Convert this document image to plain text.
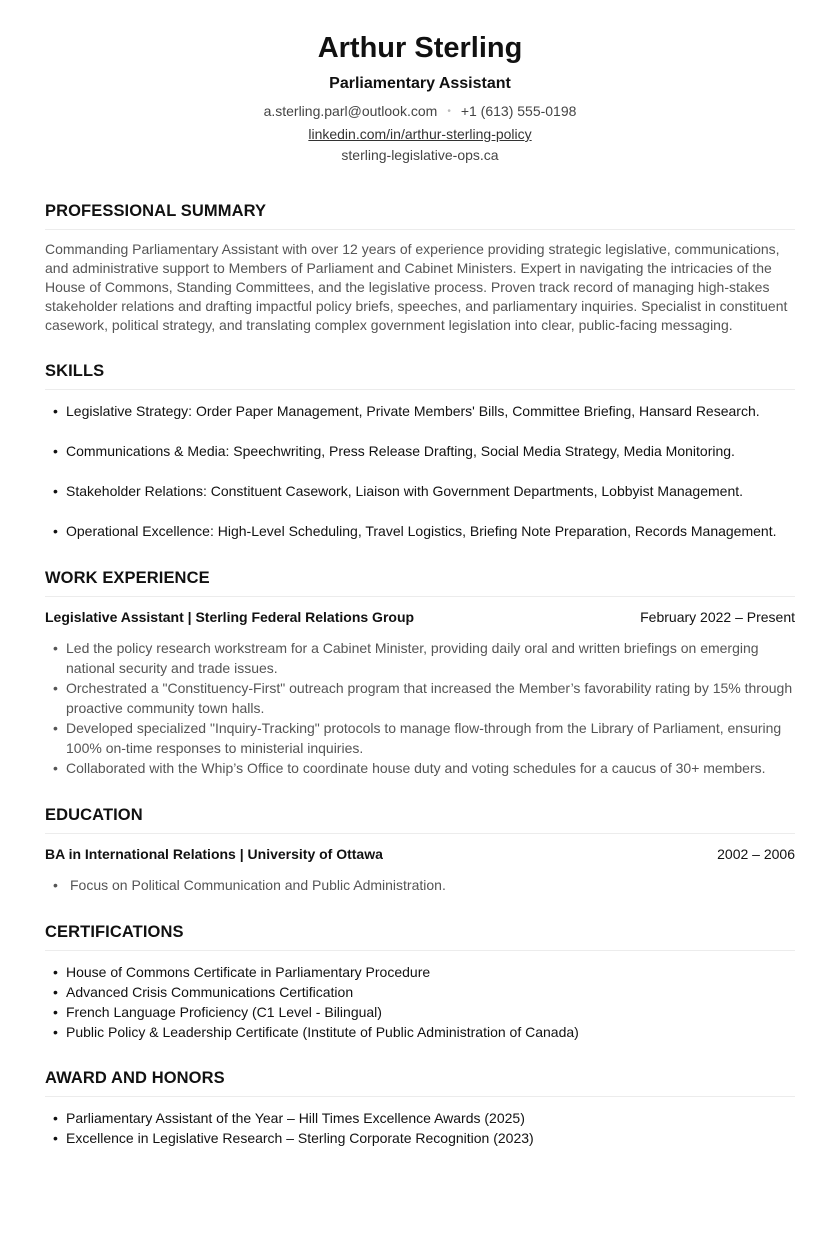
Arthur Sterling
Parliamentary Assistant
a.sterling.parl@outlook.com • +1 (613) 555-0198
linkedin.com/in/arthur-sterling-policy
sterling-legislative-ops.ca
PROFESSIONAL SUMMARY
Commanding Parliamentary Assistant with over 12 years of experience providing strategic legislative, communications, and administrative support to Members of Parliament and Cabinet Ministers. Expert in navigating the intricacies of the House of Commons, Standing Committees, and the legislative process. Proven track record of managing high-stakes stakeholder relations and drafting impactful policy briefs, speeches, and parliamentary inquiries. Specialist in constituent casework, political strategy, and translating complex government legislation into clear, public-facing messaging.
SKILLS
• Legislative Strategy: Order Paper Management, Private Members' Bills, Committee Briefing, Hansard Research.
• Communications & Media: Speechwriting, Press Release Drafting, Social Media Strategy, Media Monitoring.
• Stakeholder Relations: Constituent Casework, Liaison with Government Departments, Lobbyist Management.
• Operational Excellence: High-Level Scheduling, Travel Logistics, Briefing Note Preparation, Records Management.
WORK EXPERIENCE
Legislative Assistant | Sterling Federal Relations Group	February 2022 – Present
• Led the policy research workstream for a Cabinet Minister, providing daily oral and written briefings on emerging national security and trade issues.
• Orchestrated a "Constituency-First" outreach program that increased the Member’s favorability rating by 15% through proactive community town halls.
• Developed specialized "Inquiry-Tracking" protocols to manage flow-through from the Library of Parliament, ensuring 100% on-time responses to ministerial inquiries.
• Collaborated with the Whip’s Office to coordinate house duty and voting schedules for a caucus of 30+ members.
EDUCATION
BA in International Relations | University of Ottawa	2002 – 2006
• Focus on Political Communication and Public Administration.
CERTIFICATIONS
• House of Commons Certificate in Parliamentary Procedure
• Advanced Crisis Communications Certification
• French Language Proficiency (C1 Level - Bilingual)
• Public Policy & Leadership Certificate (Institute of Public Administration of Canada)
AWARD AND HONORS
• Parliamentary Assistant of the Year – Hill Times Excellence Awards (2025)
• Excellence in Legislative Research – Sterling Corporate Recognition (2023)
